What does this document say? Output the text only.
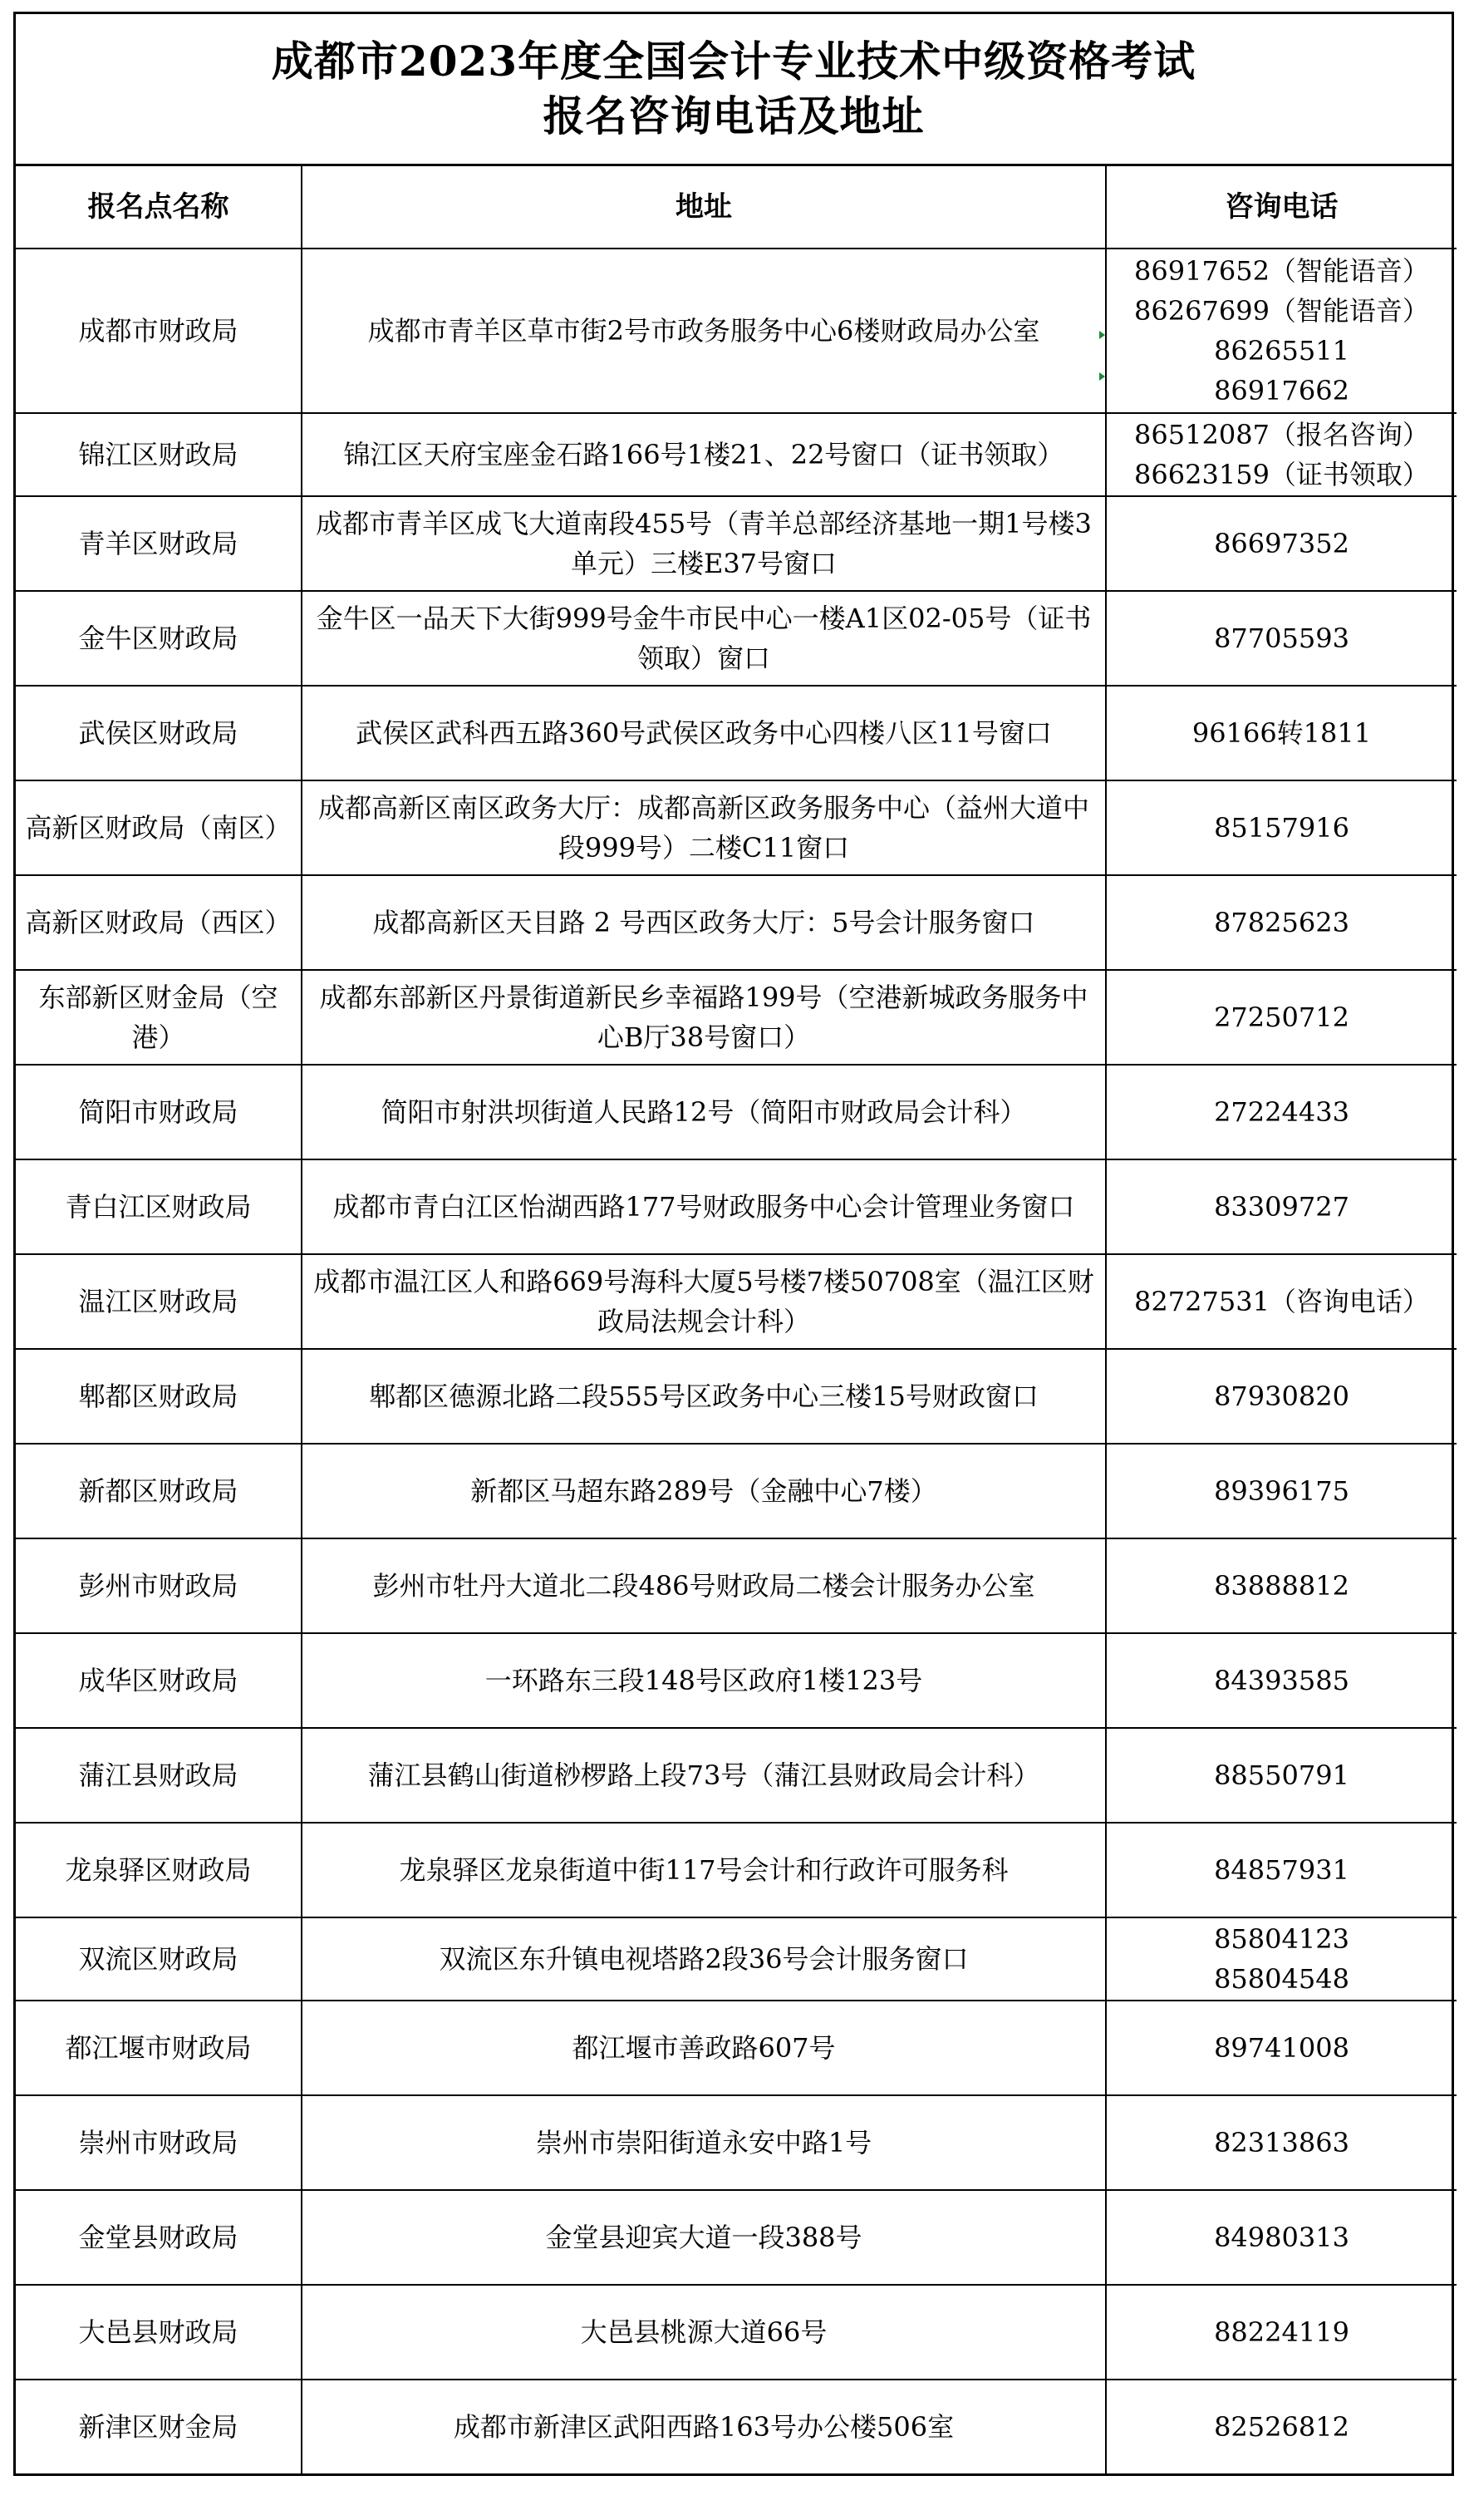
成都市2023年度全国会计专业技术中级资格考试
报名咨询电话及地址
报名点名称	地址	咨询电话
成都市财政局	成都市青羊区草市街2号市政务服务中心6楼财政局办公室	86917652（智能语音）
86267699（智能语音）
86265511
86917662

锦江区财政局	锦江区天府宝座金石路166号1楼21、22号窗口（证书领取）	86512087（报名咨询）
86623159（证书领取）

青羊区财政局	成都市青羊区成飞大道南段455号（青羊总部经济基地一期1号楼3单元）三楼E37号窗口	86697352

金牛区财政局	金牛区一品天下大街999号金牛市民中心一楼A1区02-05号（证书领取）窗口	87705593

武侯区财政局	武侯区武科西五路360号武侯区政务中心四楼八区11号窗口	96166转1811

高新区财政局（南区）	成都高新区南区政务大厅：成都高新区政务服务中心（益州大道中段999号）二楼C11窗口	85157916

高新区财政局（西区）	成都高新区天目路 2 号西区政务大厅：5号会计服务窗口	87825623

东部新区财金局（空港）	成都东部新区丹景街道新民乡幸福路199号（空港新城政务服务中心B厅38号窗口）	27250712

简阳市财政局	简阳市射洪坝街道人民路12号（简阳市财政局会计科）	27224433

青白江区财政局	成都市青白江区怡湖西路177号财政服务中心会计管理业务窗口	83309727

温江区财政局	成都市温江区人和路669号海科大厦5号楼7楼50708室（温江区财政局法规会计科）	82727531（咨询电话）

郫都区财政局	郫都区德源北路二段555号区政务中心三楼15号财政窗口	87930820

新都区财政局	新都区马超东路289号（金融中心7楼）	89396175

彭州市财政局	彭州市牡丹大道北二段486号财政局二楼会计服务办公室	83888812

成华区财政局	一环路东三段148号区政府1楼123号	84393585

蒲江县财政局	蒲江县鹤山街道桫椤路上段73号（蒲江县财政局会计科）	88550791

龙泉驿区财政局	龙泉驿区龙泉街道中街117号会计和行政许可服务科	84857931

双流区财政局	双流区东升镇电视塔路2段36号会计服务窗口	85804123
85804548

都江堰市财政局	都江堰市善政路607号	89741008

崇州市财政局	崇州市崇阳街道永安中路1号	82313863

金堂县财政局	金堂县迎宾大道一段388号	84980313

大邑县财政局	大邑县桃源大道66号	88224119

新津区财金局	成都市新津区武阳西路163号办公楼506室	82526812
